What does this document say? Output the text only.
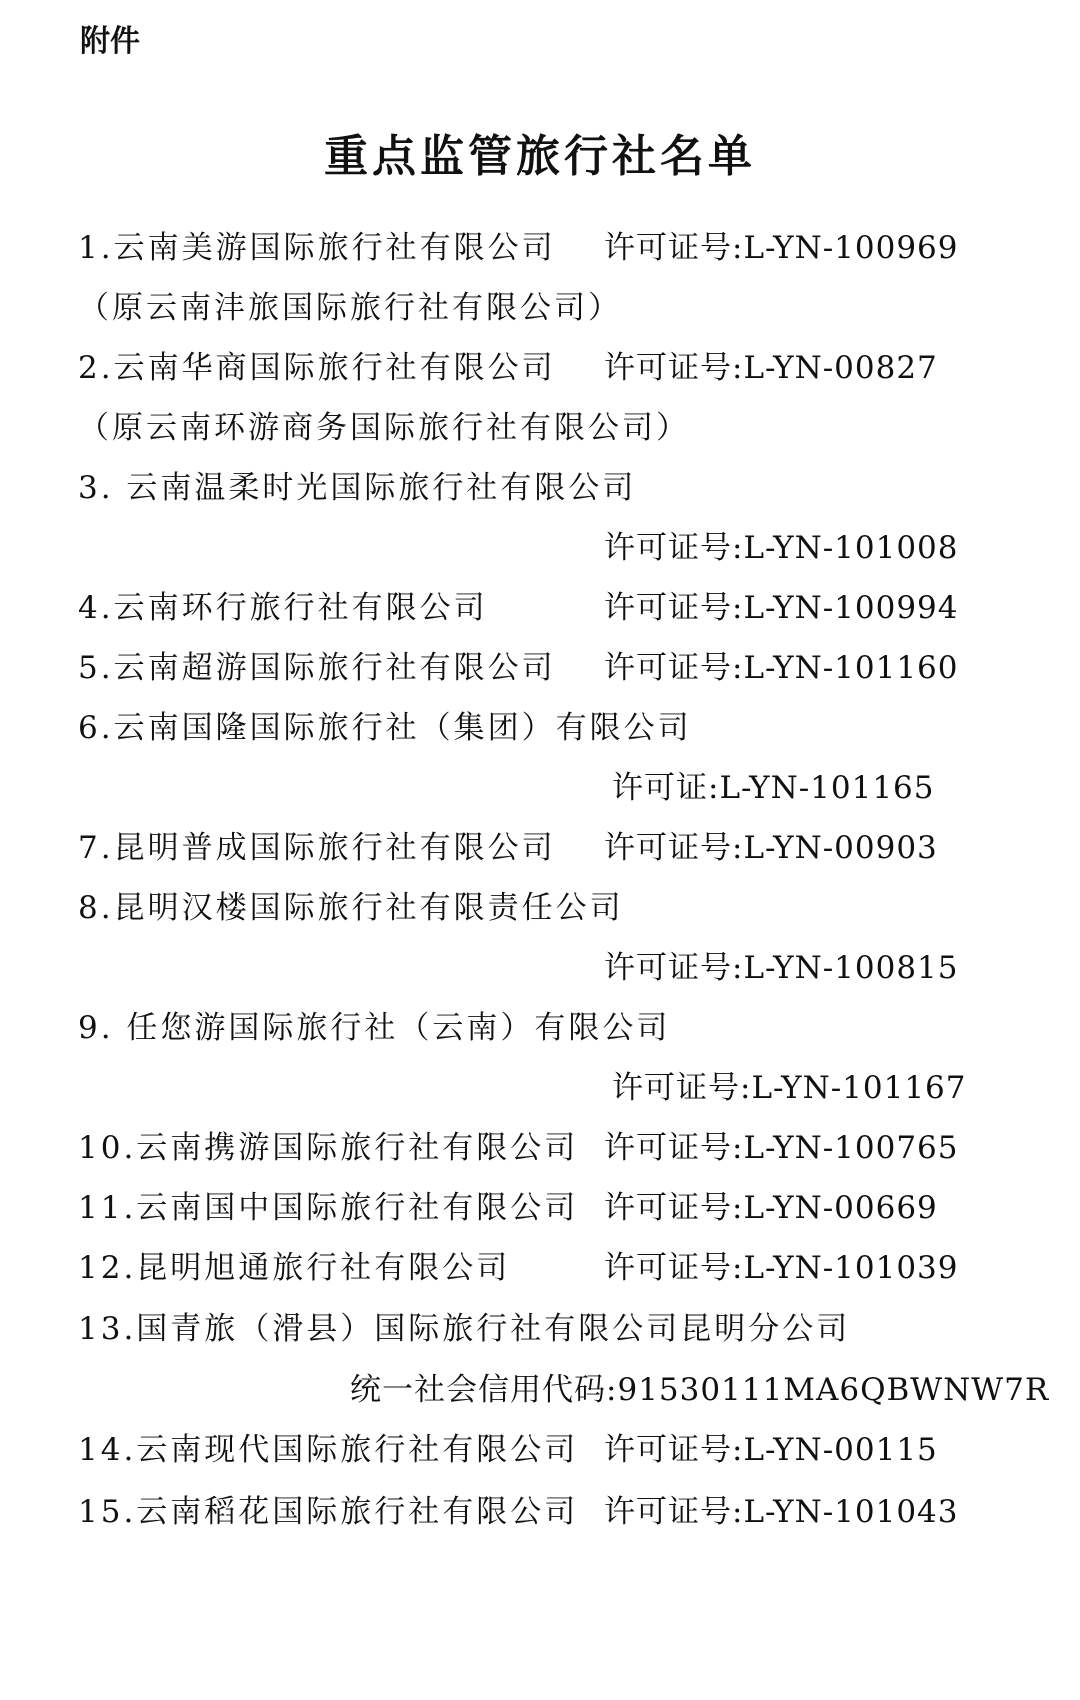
附件
重点监管旅行社名单
1.云南美游国际旅行社有限公司 许可证号:L-YN-100969
（原云南沣旅国际旅行社有限公司）
2.云南华商国际旅行社有限公司 许可证号:L-YN-00827
（原云南环游商务国际旅行社有限公司）
3. 云南温柔时光国际旅行社有限公司
许可证号:L-YN-101008
4.云南环行旅行社有限公司	许可证号:L-YN-100994
5.云南超游国际旅行社有限公司 许可证号:L-YN-101160
6.云南国隆国际旅行社（集团）有限公司
许可证:L-YN-101165
7.昆明普成国际旅行社有限公司 许可证号:L-YN-00903
8.昆明汉楼国际旅行社有限责任公司
许可证号:L-YN-100815
9. 任您游国际旅行社（云南）有限公司
许可证号:L-YN-101167
10.云南携游国际旅行社有限公司 许可证号:L-YN-100765
11.云南国中国际旅行社有限公司 许可证号:L-YN-00669
12.昆明旭通旅行社有限公司	许可证号:L-YN-101039
13.国青旅（滑县）国际旅行社有限公司昆明分公司
统一社会信用代码:91530111MA6QBWNW7R
14.云南现代国际旅行社有限公司 许可证号:L-YN-00115
15.云南稻花国际旅行社有限公司 许可证号:L-YN-101043
